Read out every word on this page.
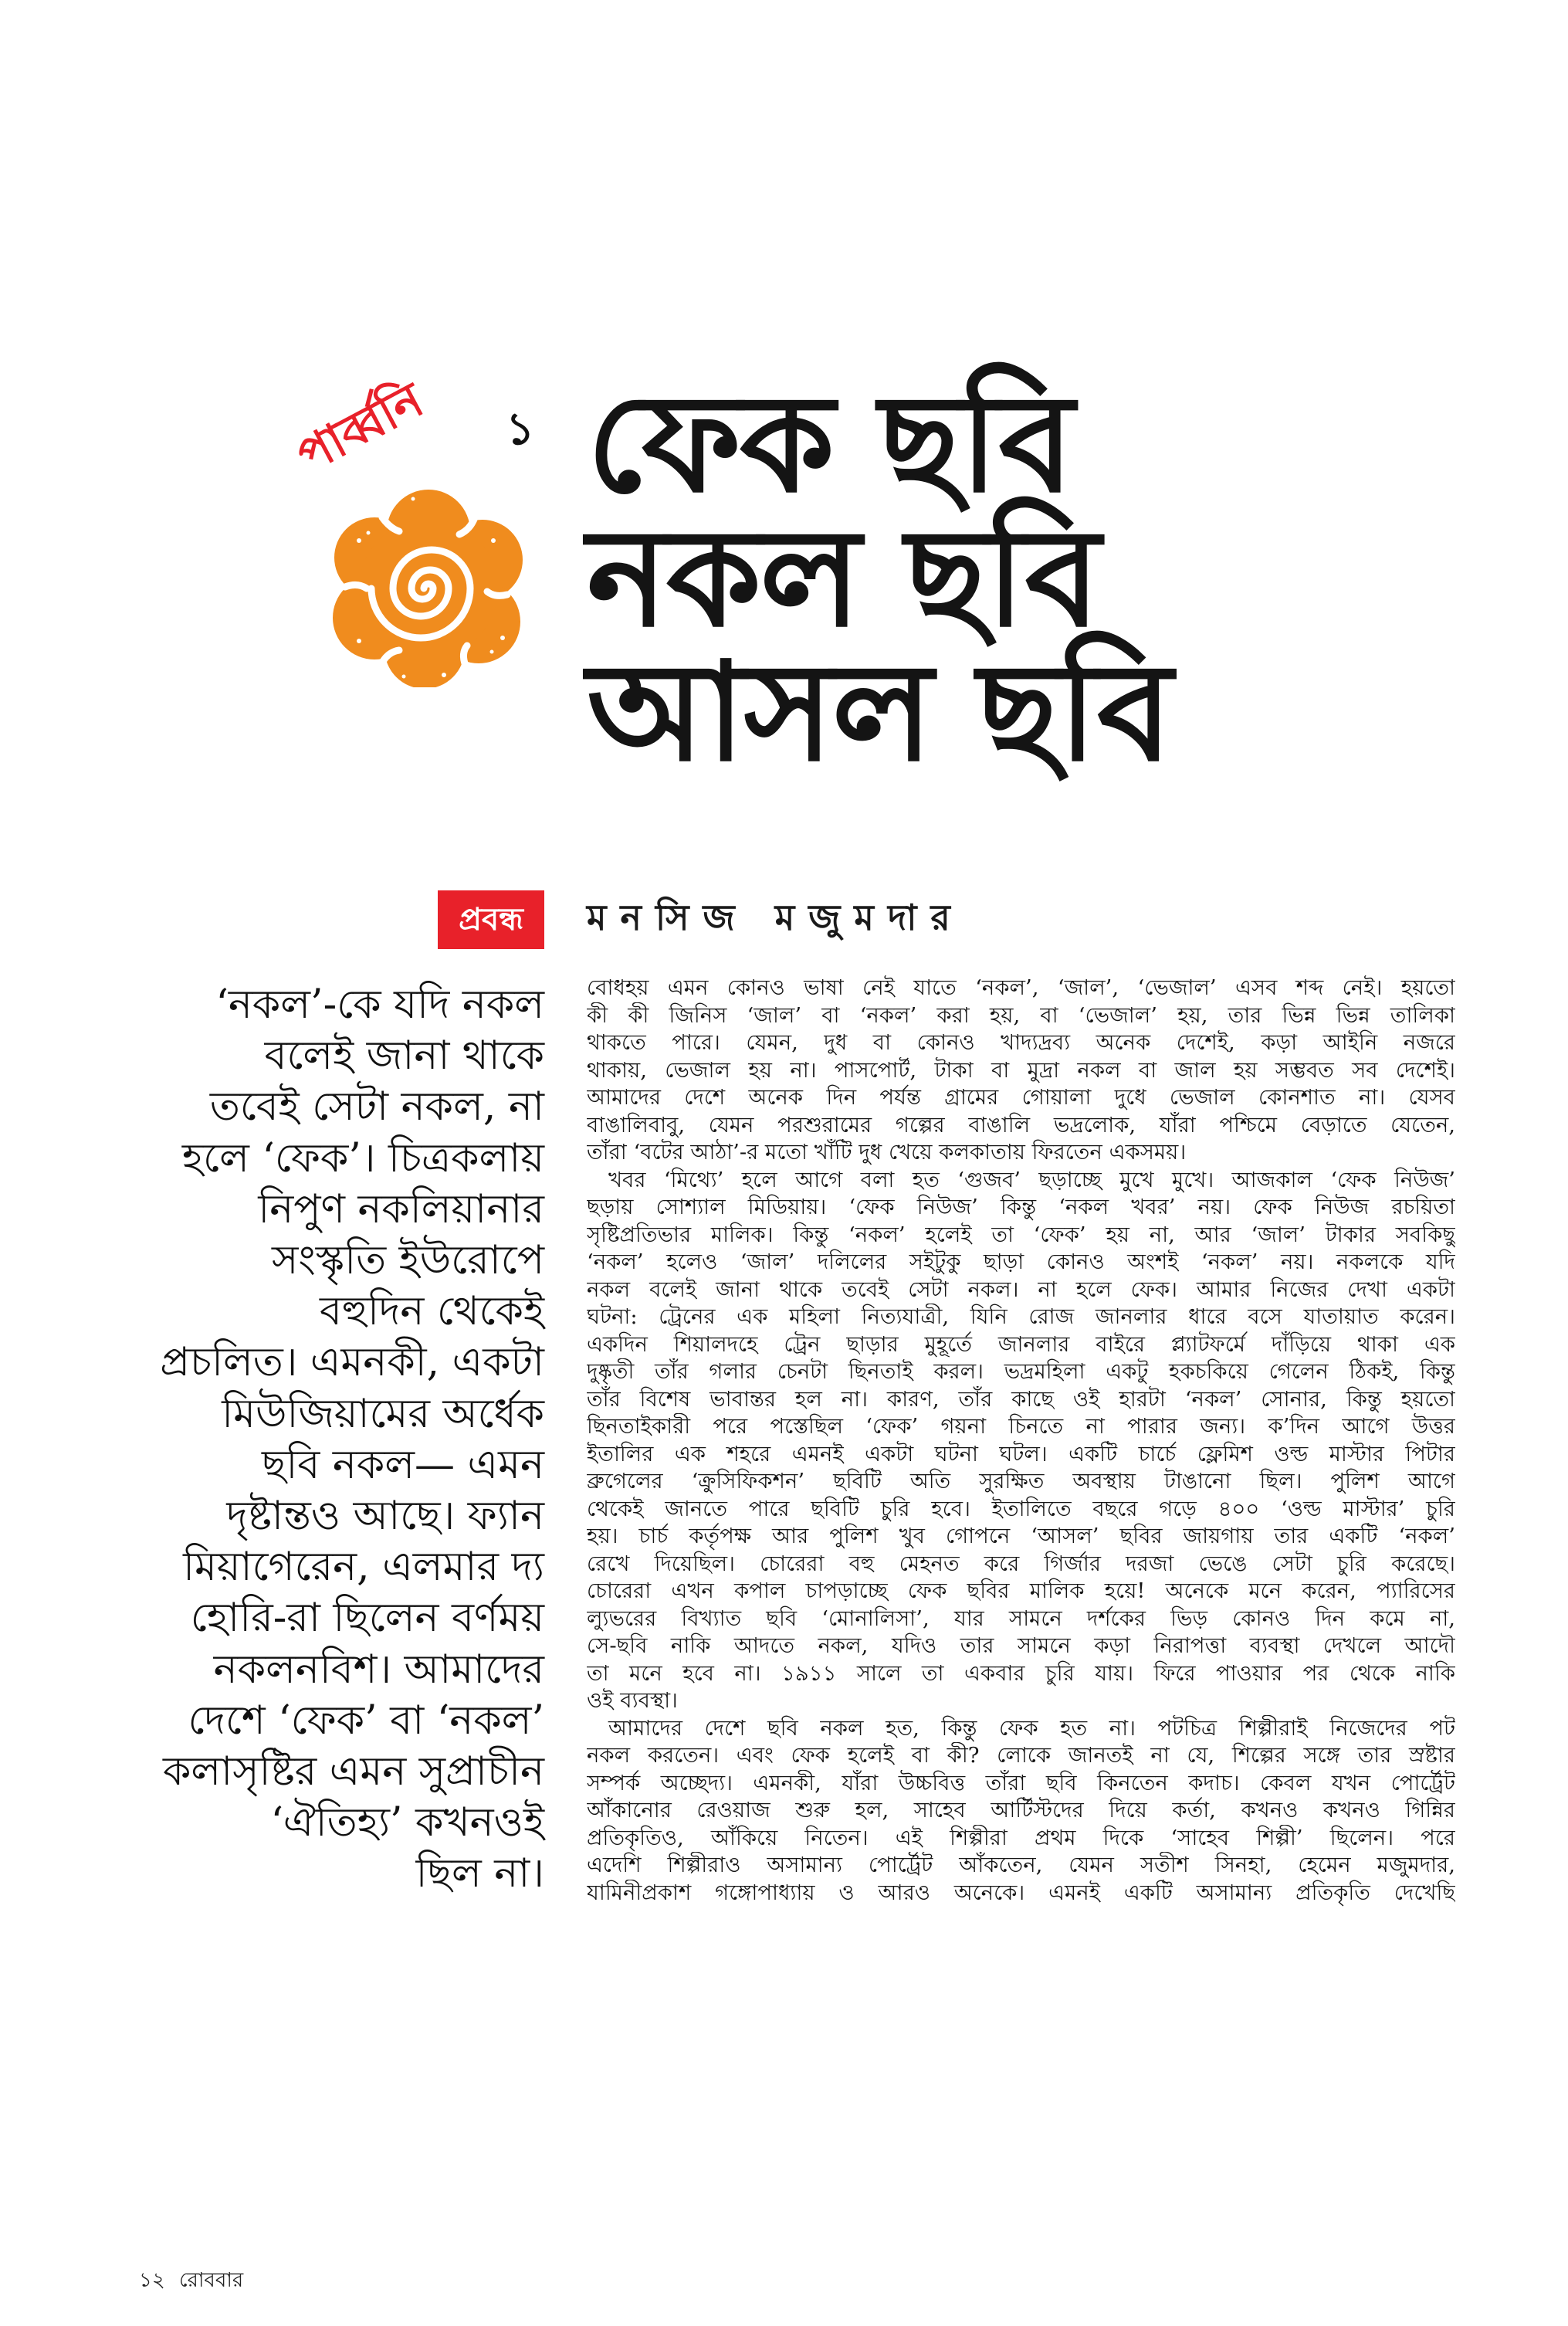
পাৰ্ব্বনি ১ ফেক ছবি
নকল ছবি
আসল ছবি
প্রবন্ধ	মনসিজ মজুমদার
‘নকল’-কে যদি নকল
বলেই জানা থাকে
তবেই সেটা নকল, না
হলে ‘ফেক’। চিত্রকলায়
নিপুণ নকলিয়ানার
সংস্কৃতি ইউরোপে
বহুদিন থেকেই
প্রচলিত। এমনকী, একটা
মিউজিয়ামের অর্ধেক
ছবি নকল— এমন
দৃষ্টান্তও আছে। ফ্যান
মিয়াগেরেন, এলমার দ্য
হোরি-রা ছিলেন বর্ণময়
নকলনবিশ। আমাদের
দেশে ‘ফেক’ বা ‘নকল’
কলাসৃষ্টির এমন সুপ্রাচীন
‘ঐতিহ্য’ কখনওই
ছিল না।
বোধহয় এমন কোনও ভাষা নেই যাতে ‘নকল’, ‘জাল’, ‘ভেজাল’ এসব শব্দ নেই। হয়তো
কী কী জিনিস ‘জাল’ বা ‘নকল’ করা হয়, বা ‘ভেজাল’ হয়, তার ভিন্ন ভিন্ন তালিকা
থাকতে পারে। যেমন, দুধ বা কোনও খাদ্যদ্রব্য অনেক দেশেই, কড়া আইনি নজরে
থাকায়, ভেজাল হয় না। পাসপোর্ট, টাকা বা মুদ্রা নকল বা জাল হয় সম্ভবত সব দেশেই।
আমাদের দেশে অনেক দিন পর্যন্ত গ্রামের গোয়ালা দুধে ভেজাল কোনশাত না। যেসব
বাঙালিবাবু, যেমন পরশুরামের গল্পের বাঙালি ভদ্রলোক, যাঁরা পশ্চিমে বেড়াতে যেতেন,
তাঁরা ‘বটের আঠা’-র মতো খাঁটি দুধ খেয়ে কলকাতায় ফিরতেন একসময়।
খবর ‘মিথ্যে’ হলে আগে বলা হত ‘গুজব’ ছড়াচ্ছে মুখে মুখে। আজকাল ‘ফেক নিউজ’
ছড়ায় সোশ্যাল মিডিয়ায়। ‘ফেক নিউজ’ কিন্তু ‘নকল খবর’ নয়। ফেক নিউজ রচয়িতা
সৃষ্টিপ্রতিভার মালিক। কিন্তু ‘নকল’ হলেই তা ‘ফেক’ হয় না, আর ‘জাল’ টাকার সবকিছু
‘নকল’ হলেও ‘জাল’ দলিলের সইটুকু ছাড়া কোনও অংশই ‘নকল’ নয়। নকলকে যদি
নকল বলেই জানা থাকে তবেই সেটা নকল। না হলে ফেক। আমার নিজের দেখা একটা
ঘটনা: ট্রেনের এক মহিলা নিত্যযাত্রী, যিনি রোজ জানলার ধারে বসে যাতায়াত করেন।
একদিন শিয়ালদহে ট্রেন ছাড়ার মুহূর্তে জানলার বাইরে প্ল্যাটফর্মে দাঁড়িয়ে থাকা এক
দুষ্কৃতী তাঁর গলার চেনটা ছিনতাই করল। ভদ্রমহিলা একটু হকচকিয়ে গেলেন ঠিকই, কিন্তু
তাঁর বিশেষ ভাবান্তর হল না। কারণ, তাঁর কাছে ওই হারটা ‘নকল’ সোনার, কিন্তু হয়তো
ছিনতাইকারী পরে পস্তেছিল ‘ফেক’ গয়না চিনতে না পারার জন্য। ক’দিন আগে উত্তর
ইতালির এক শহরে এমনই একটা ঘটনা ঘটল। একটি চার্চে ফ্লেমিশ ওল্ড মাস্টার পিটার
ব্রুগেলের ‘ক্রুসিফিকশন’ ছবিটি অতি সুরক্ষিত অবস্থায় টাঙানো ছিল। পুলিশ আগে
থেকেই জানতে পারে ছবিটি চুরি হবে। ইতালিতে বছরে গড়ে ৪০০ ‘ওল্ড মাস্টার’ চুরি
হয়। চার্চ কর্তৃপক্ষ আর পুলিশ খুব গোপনে ‘আসল’ ছবির জায়গায় তার একটি ‘নকল’
রেখে দিয়েছিল। চোরেরা বহু মেহনত করে গির্জার দরজা ভেঙে সেটা চুরি করেছে।
চোরেরা এখন কপাল চাপড়াচ্ছে ফেক ছবির মালিক হয়ে! অনেকে মনে করেন, প্যারিসের
ল্যুভরের বিখ্যাত ছবি ‘মোনালিসা’, যার সামনে দর্শকের ভিড় কোনও দিন কমে না,
সে-ছবি নাকি আদতে নকল, যদিও তার সামনে কড়া নিরাপত্তা ব্যবস্থা দেখলে আদৌ
তা মনে হবে না। ১৯১১ সালে তা একবার চুরি যায়। ফিরে পাওয়ার পর থেকে নাকি
ওই ব্যবস্থা।
আমাদের দেশে ছবি নকল হত, কিন্তু ফেক হত না। পটচিত্র শিল্পীরাই নিজেদের পট
নকল করতেন। এবং ফেক হলেই বা কী? লোকে জানতই না যে, শিল্পের সঙ্গে তার স্রষ্টার
সম্পর্ক অচ্ছেদ্য। এমনকী, যাঁরা উচ্চবিত্ত তাঁরা ছবি কিনতেন কদাচ। কেবল যখন পোর্ট্রেট
আঁকানোর রেওয়াজ শুরু হল, সাহেব আর্টিস্টদের দিয়ে কর্তা, কখনও কখনও গিন্নির
প্রতিকৃতিও, আঁকিয়ে নিতেন। এই শিল্পীরা প্রথম দিকে ‘সাহেব শিল্পী’ ছিলেন। পরে
এদেশি শিল্পীরাও অসামান্য পোর্ট্রেট আঁকতেন, যেমন সতীশ সিনহা, হেমেন মজুমদার,
যামিনীপ্রকাশ গঙ্গোপাধ্যায় ও আরও অনেকে। এমনই একটি অসামান্য প্রতিকৃতি দেখেছি
১২ রোববার
